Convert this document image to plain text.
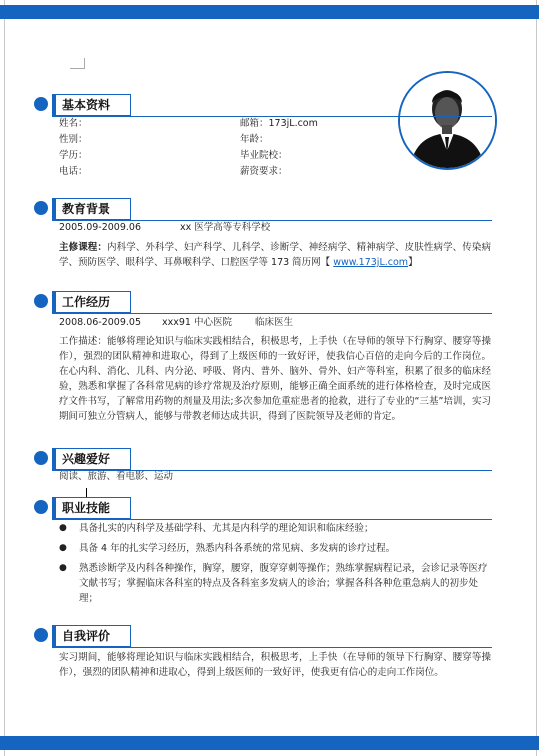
基本资料
姓名：
性别：
学历：
电话：
邮箱：173jL.com
年龄：
毕业院校：
薪资要求：
教育背景
2005.09-2009.06	xx 医学高等专科学校
主修课程：内科学、外科学、妇产科学、儿科学、诊断学、神经病学、精神病学、皮肤性病学、传染病学、预防医学、眼科学、耳鼻喉科学、口腔医学等 173 简历网【 www.173jL.com】
工作经历
2008.06-2009.05 xxx91 中心医院 临床医生
工作描述：能够将理论知识与临床实践相结合，积极思考，上手快（在导师的领导下行胸穿、腰穿等操作），强烈的团队精神和进取心，得到了上级医师的一致好评，使我信心百倍的走向今后的工作岗位。在心内科、消化、儿科、内分泌、呼吸、肾内、普外、脑外、骨外、妇产等科室，积累了很多的临床经验，熟悉和掌握了各科常见病的诊疗常规及治疗原则，能够正确全面系统的进行体格检查，及时完成医疗文件书写，了解常用药物的剂量及用法;多次参加危重症患者的抢救，进行了专业的“三基”培训，实习期间可独立分管病人，能够与带教老师达成共识，得到了医院领导及老师的肯定。
兴趣爱好
阅读、旅游、看电影、运动
职业技能
● 具备扎实的内科学及基础学科、尤其是内科学的理论知识和临床经验；
● 具备 4 年的扎实学习经历，熟悉内科各系统的常见病、多发病的诊疗过程。
● 熟悉诊断学及内科各种操作，胸穿，腰穿，腹穿穿刺等操作；熟练掌握病程记录，会诊记录等医疗文献书写；掌握临床各科室的特点及各科室多发病人的诊治；掌握各科各种危重急病人的初步处理；
自我评价
实习期间，能够将理论知识与临床实践相结合，积极思考，上手快（在导师的领导下行胸穿、腰穿等操作），强烈的团队精神和进取心，得到上级医师的一致好评，使我更有信心的走向工作岗位。
